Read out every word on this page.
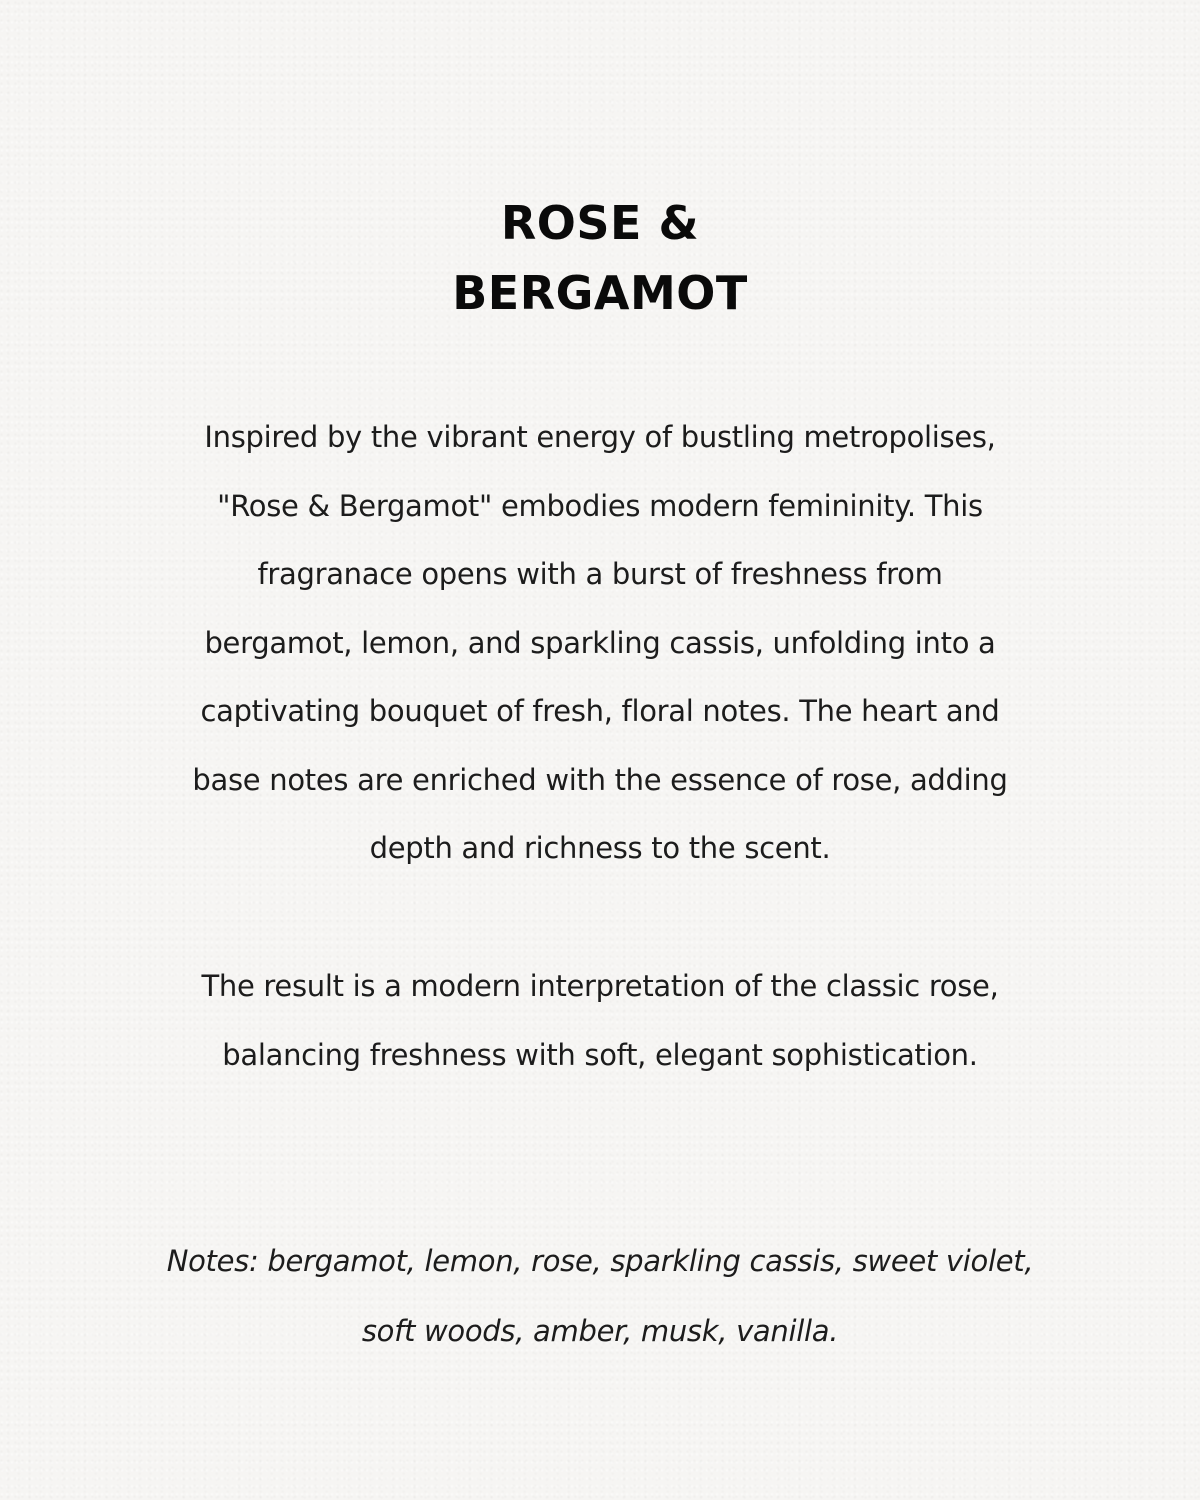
ROSE &
BERGAMOT
Inspired by the vibrant energy of bustling metropolises,
"Rose & Bergamot" embodies modern femininity. This
fragranace opens with a burst of freshness from
bergamot, lemon, and sparkling cassis, unfolding into a
captivating bouquet of fresh, floral notes. The heart and
base notes are enriched with the essence of rose, adding
depth and richness to the scent.
The result is a modern interpretation of the classic rose,
balancing freshness with soft, elegant sophistication.
Notes: bergamot, lemon, rose, sparkling cassis, sweet violet,
soft woods, amber, musk, vanilla.
